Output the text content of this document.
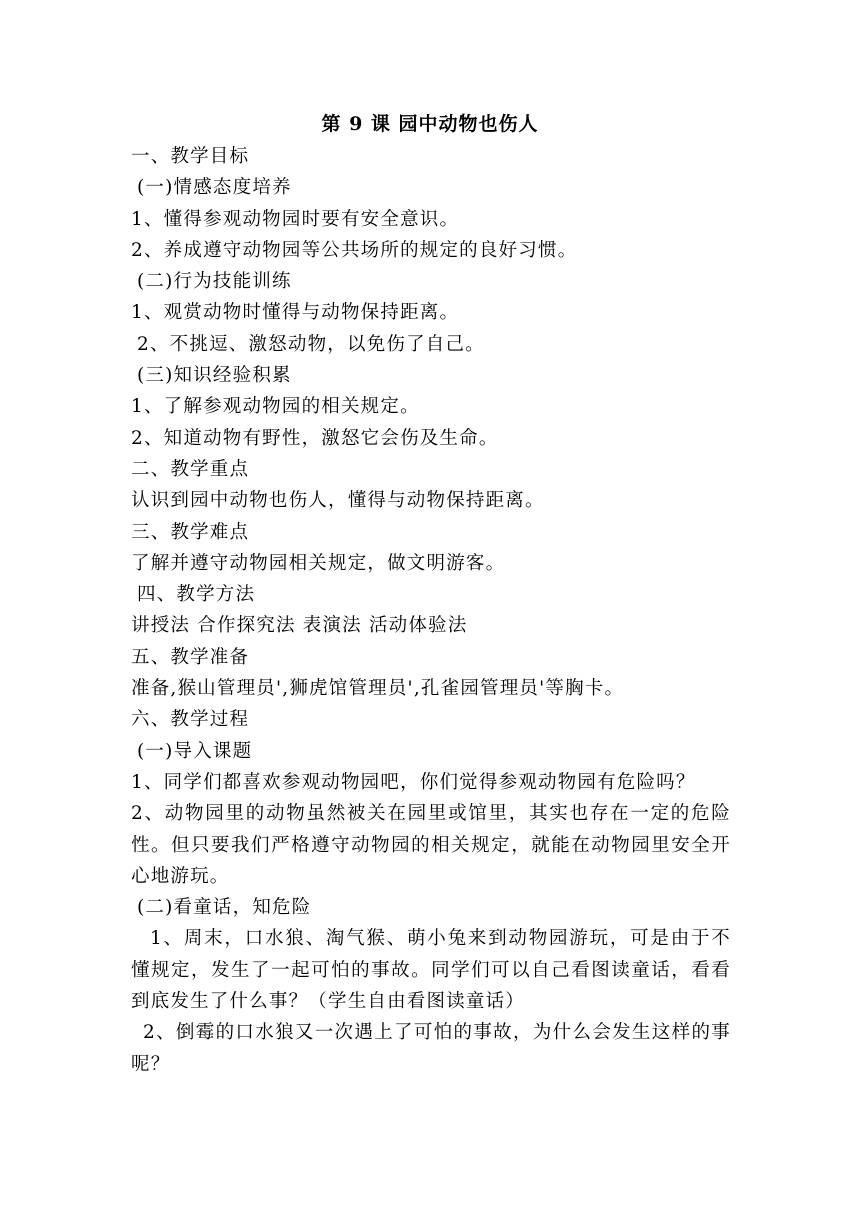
第 9 课 园中动物也伤人
一、教学目标
(一)情感态度培养
1、懂得参观动物园时要有安全意识。
2、养成遵守动物园等公共场所的规定的良好习惯。
(二)行为技能训练
1、观赏动物时懂得与动物保持距离。
2、不挑逗、激怒动物，以免伤了自己。
(三)知识经验积累
1、了解参观动物园的相关规定。
2、知道动物有野性，激怒它会伤及生命。
二、教学重点
认识到园中动物也伤人，懂得与动物保持距离。
三、教学难点
了解并遵守动物园相关规定，做文明游客。
四、教学方法
讲授法 合作探究法 表演法 活动体验法
五、教学准备
准备,猴山管理员',狮虎馆管理员',孔雀园管理员'等胸卡。
六、教学过程
(一)导入课题
1、同学们都喜欢参观动物园吧，你们觉得参观动物园有危险吗？
2、动物园里的动物虽然被关在园里或馆里，其实也存在一定的危险性。但只要我们严格遵守动物园的相关规定，就能在动物园里安全开心地游玩。
(二)看童话，知危险
1、周末，口水狼、淘气猴、萌小兔来到动物园游玩，可是由于不懂规定，发生了一起可怕的事故。同学们可以自己看图读童话，看看到底发生了什么事？（学生自由看图读童话）
2、倒霉的口水狼又一次遇上了可怕的事故，为什么会发生这样的事呢？
